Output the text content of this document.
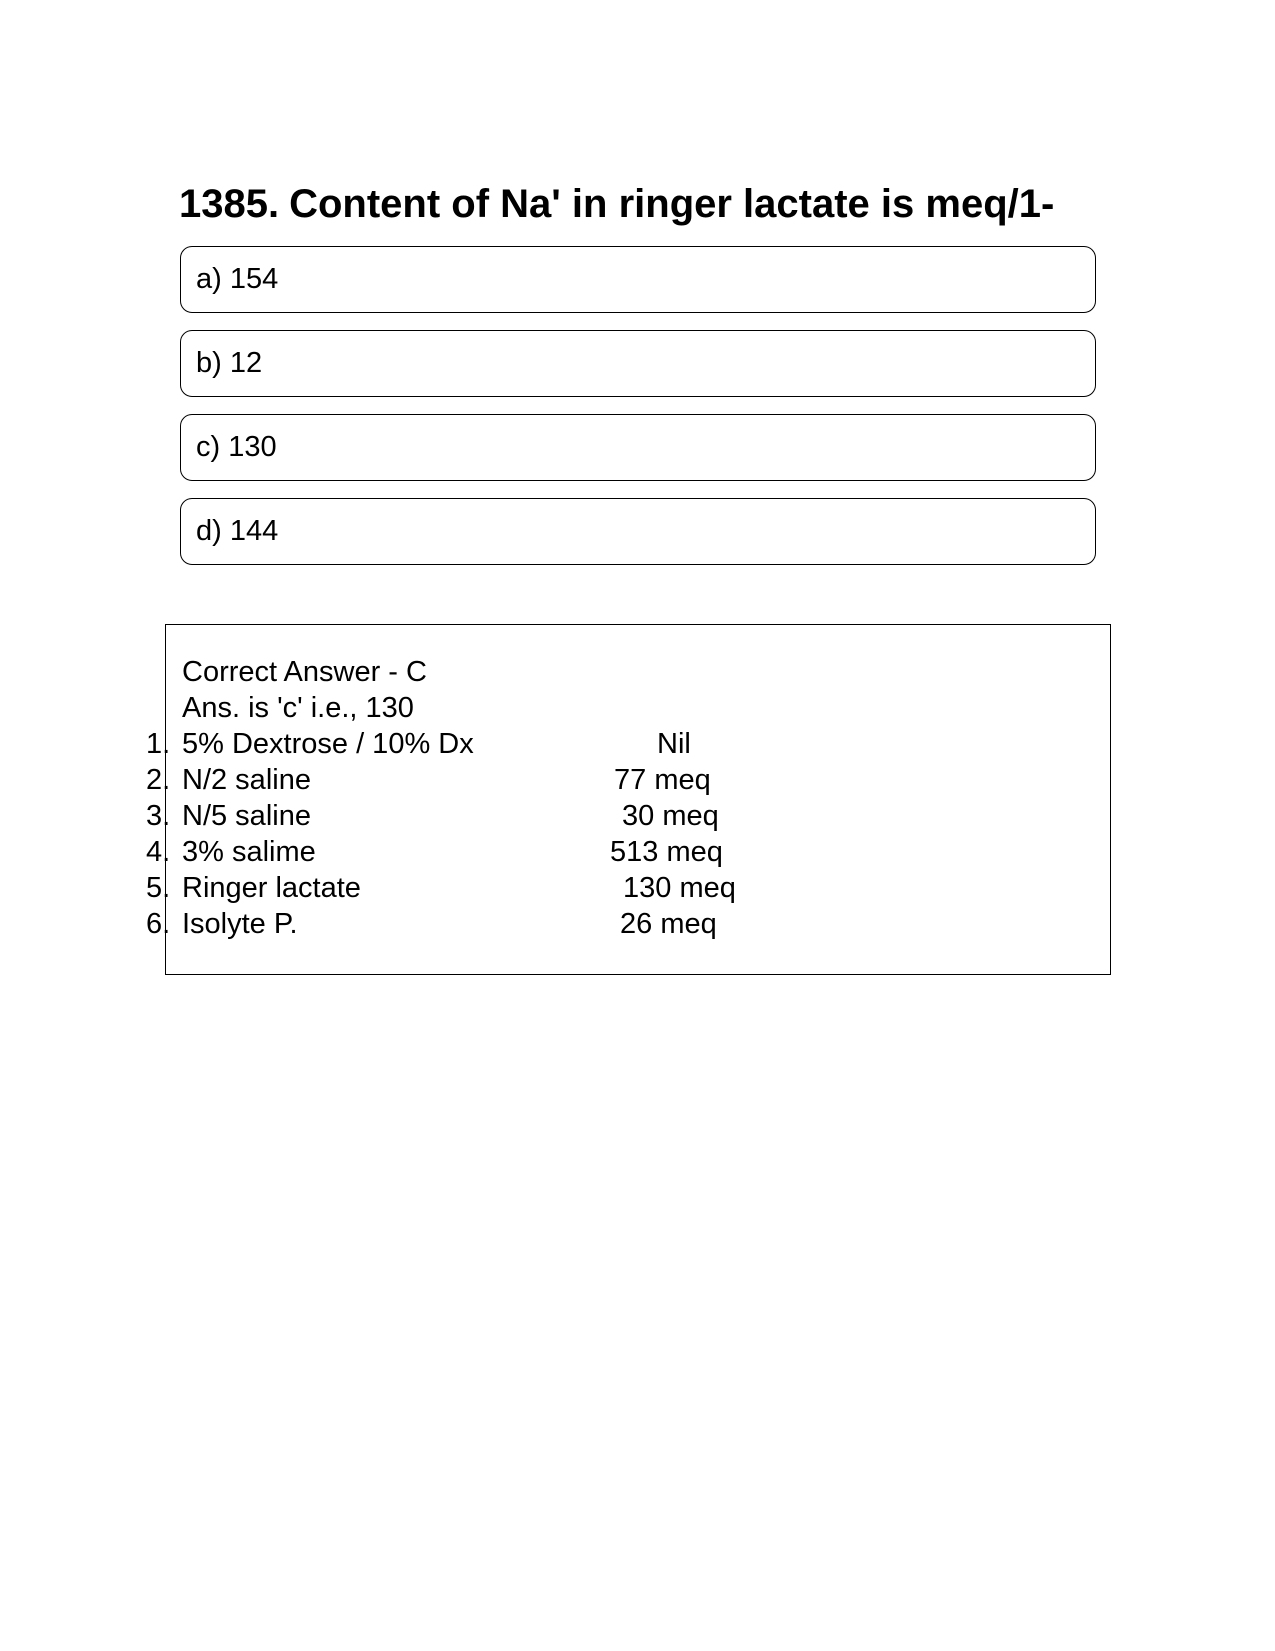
1385. Content of Na' in ringer lactate is meq/1-
a) 154
b) 12
c) 130
d) 144
Correct Answer - C
Ans. is 'c' i.e., 130
1. 5% Dextrose / 10% Dx	Nil
2. N/2 saline	77 meq
3. N/5 saline	30 meq
4. 3% salime	513 meq
5. Ringer lactate	130 meq
6. Isolyte P.	26 meq
